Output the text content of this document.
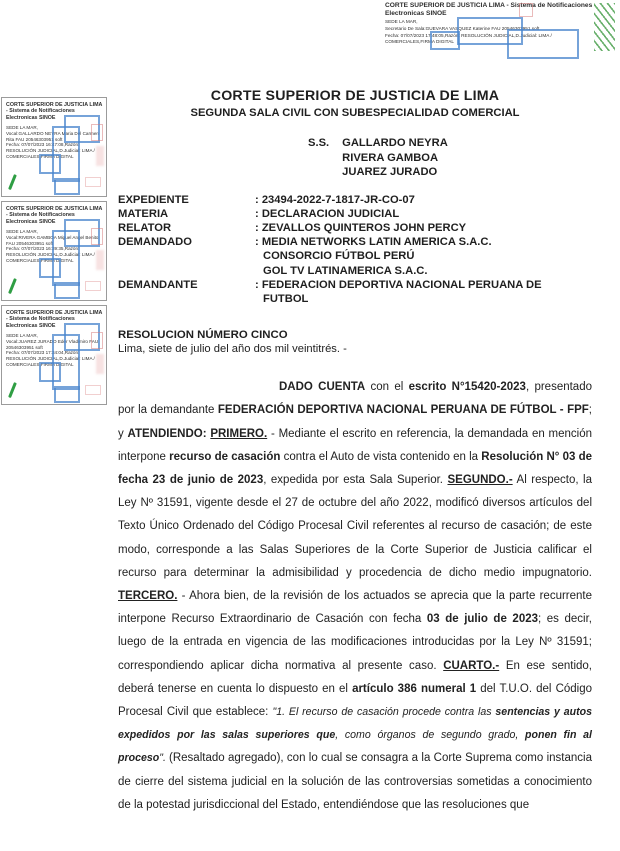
CORTE SUPERIOR DE JUSTICIA LIMA - Sistema de Notificaciones Electronicas SINOE
SEDE LA MAR,
Secretario De Sala:GUEVARA VASQUEZ Katerine FAU 20546303951 soft
Fecha: 07/07/2023 17:48:05,Razón: RESOLUCIÓN JUDICIAL,D.Judicial: LIMA / COMERCIALES,FIRMA DIGITAL
CORTE SUPERIOR DE JUSTICIA LIMA - Sistema de Notificaciones Electronicas SINOE
SEDE LA MAR,
Vocal:GALLARDO NEYRA Maria Del Carmen Rita FAU 20546303951 soft
Fecha: 07/07/2023 16:47:08,Razón: RESOLUCIÓN JUDICIAL,D.Judicial: LIMA / COMERCIALES,FIRMA DIGITAL
CORTE SUPERIOR DE JUSTICIA LIMA - Sistema de Notificaciones Electronicas SINOE
SEDE LA MAR,
Vocal:RIVERA GAMBOA Miguel Angel Benito FAU 20546303951 soft
Fecha: 07/07/2023 16:39:35,Razón: RESOLUCIÓN JUDICIAL,D.Judicial: LIMA / COMERCIALES,FIRMA DIGITAL
CORTE SUPERIOR DE JUSTICIA LIMA - Sistema de Notificaciones Electronicas SINOE
SEDE LA MAR,
Vocal:JUAREZ JURADO Eder Vladimiro FAU 20546303951 soft
Fecha: 07/07/2023 17:34:04,Razón: RESOLUCIÓN JUDICIAL,D.Judicial: LIMA / COMERCIALES,FIRMA DIGITAL
CORTE SUPERIOR DE JUSTICIA DE LIMA
SEGUNDA SALA CIVIL CON SUBESPECIALIDAD COMERCIAL
S.S. GALLARDO NEYRA
RIVERA GAMBOA
JUAREZ JURADO
EXPEDIENTE	: 23494-2022-7-1817-JR-CO-07
MATERIA	: DECLARACION JUDICIAL
RELATOR	: ZEVALLOS QUINTEROS JOHN PERCY
DEMANDADO	: MEDIA NETWORKS LATIN AMERICA S.A.C.
CONSORCIO FÚTBOL PERÚ
GOL TV LATINAMERICA S.A.C.
DEMANDANTE	: FEDERACION DEPORTIVA NACIONAL PERUANA DE
FUTBOL
RESOLUCION NÚMERO CINCO
Lima, siete de julio del año dos mil veintitrés. -
DADO CUENTA con el escrito N°15420-2023, presentado por la demandante FEDERACIÓN DEPORTIVA NACIONAL PERUANA DE FÚTBOL - FPF; y ATENDIENDO: PRIMERO. - Mediante el escrito en referencia, la demandada en mención interpone recurso de casación contra el Auto de vista contenido en la Resolución N° 03 de fecha 23 de junio de 2023, expedida por esta Sala Superior. SEGUNDO.- Al respecto, la Ley Nº 31591, vigente desde el 27 de octubre del año 2022, modificó diversos artículos del Texto Único Ordenado del Código Procesal Civil referentes al recurso de casación; de este modo, corresponde a las Salas Superiores de la Corte Superior de Justicia calificar el recurso para determinar la admisibilidad y procedencia de dicho medio impugnatorio. TERCERO. - Ahora bien, de la revisión de los actuados se aprecia que la parte recurrente interpone Recurso Extraordinario de Casación con fecha 03 de julio de 2023; es decir, luego de la entrada en vigencia de las modificaciones introducidas por la Ley Nº 31591; correspondiendo aplicar dicha normativa al presente caso. CUARTO.- En ese sentido, deberá tenerse en cuenta lo dispuesto en el artículo 386 numeral 1 del T.U.O. del Código Procesal Civil que establece: "1. El recurso de casación procede contra las sentencias y autos expedidos por las salas superiores que, como órganos de segundo grado, ponen fin al proceso". (Resaltado agregado), con lo cual se consagra a la Corte Suprema como instancia de cierre del sistema judicial en la solución de las controversias sometidas a conocimiento de la potestad jurisdiccional del Estado, entendiéndose que las resoluciones que
